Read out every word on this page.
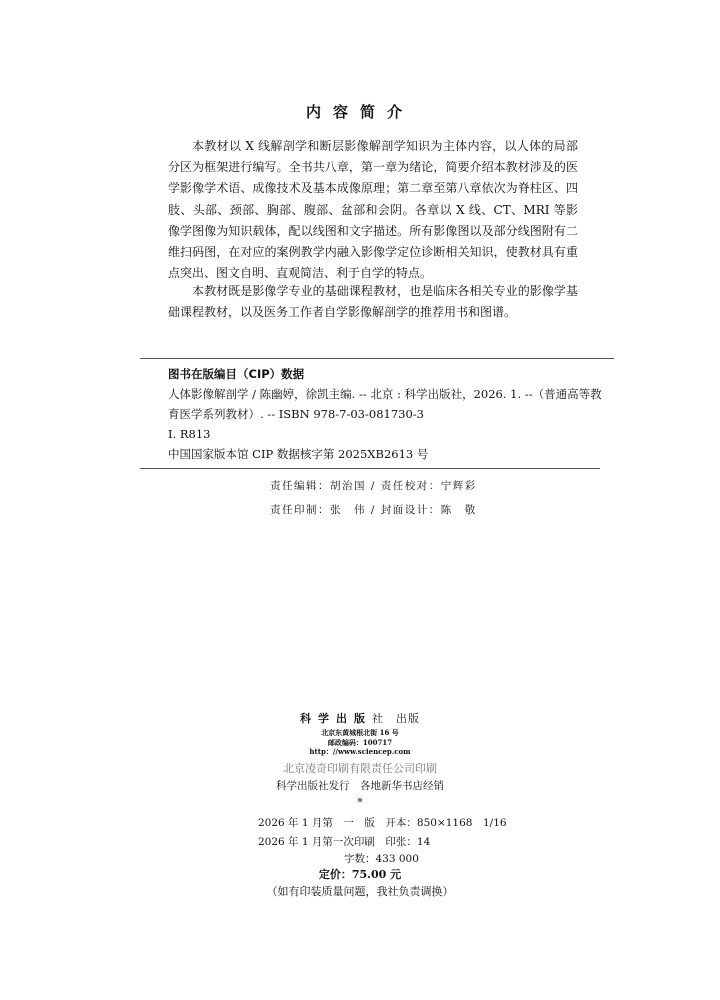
内容简介

本教材以 X 线解剖学和断层影像解剖学知识为主体内容，以人体的局部分区为框架进行编写。全书共八章，第一章为绪论，简要介绍本教材涉及的医学影像学术语、成像技术及基本成像原理；第二章至第八章依次为脊柱区、四肢、头部、颈部、胸部、腹部、盆部和会阴。各章以 X 线、CT、MRI 等影像学图像为知识载体，配以线图和文字描述。所有影像图以及部分线图附有二维扫码图，在对应的案例教学内融入影像学定位诊断相关知识，使教材具有重点突出、图文自明、直观简洁、利于自学的特点。

本教材既是影像学专业的基础课程教材，也是临床各相关专业的影像学基础课程教材，以及医务工作者自学影像解剖学的推荐用书和图谱。

图书在版编目（CIP）数据
人体影像解剖学 / 陈幽婷，徐凯主编. -- 北京 : 科学出版社，2026. 1. --（普通高等教育医学系列教材）. -- ISBN 978-7-03-081730-3
Ⅰ. R813
中国国家版本馆 CIP 数据核字第 2025XB2613 号
责任编辑：胡治国 / 责任校对：宁辉彩
责任印制：张　伟 / 封面设计：陈　敬
科学出版社　出版
北京东黄城根北街 16 号
邮政编码：100717
http：//www.sciencep.com
北京凌奇印刷有限责任公司印刷
科学出版社发行　各地新华书店经销
*
2026 年 1 月第　一　版　开本：850×1168　1/16
2026 年 1 月第一次印刷　印张：14
字数：433 000
定价：75.00 元
（如有印装质量问题，我社负责调换）
